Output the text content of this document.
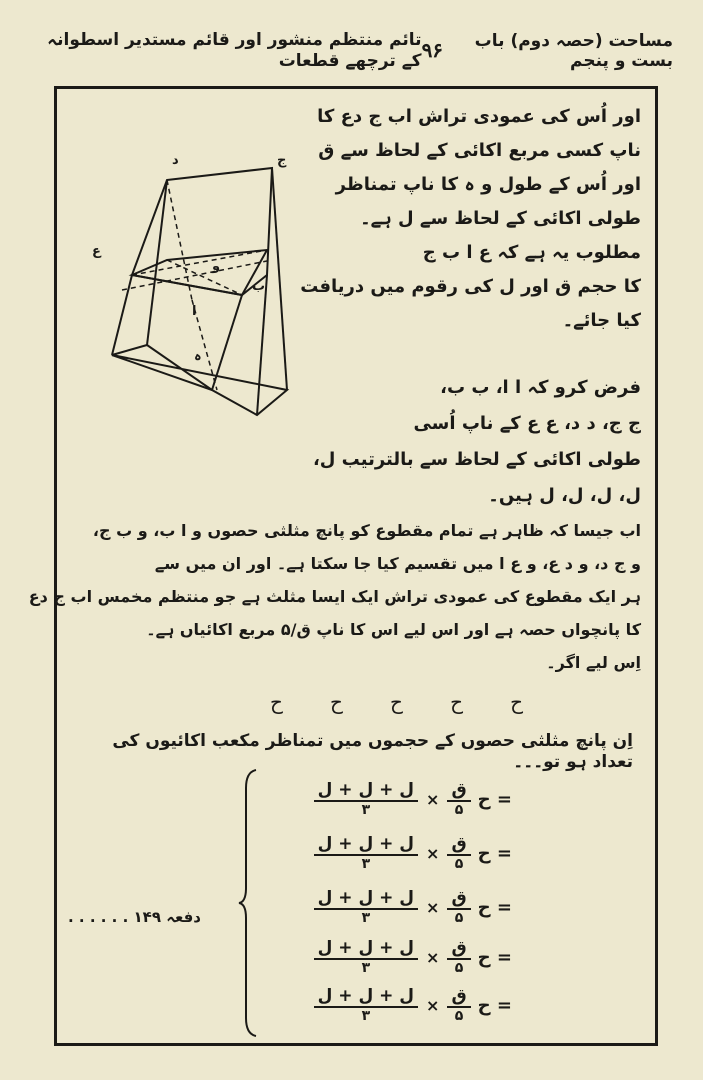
مساحت (حصہ دوم) باب بست و پنجم
۹۶
تائم منتظم منشور اور قائم مستدیر اسطوانہ کے ترچھے قطعات
اور اُس کی عمودی تراش اب ج دع کا
ناپ کسی مربع اکائی کے لحاظ سے ق
اور اُس کے طول و ہ کا ناپ تمناظر
طولی اکائی کے لحاظ سے ل ہے۔
مطلوب یہ ہے کہ ع ا ب ج
کا حجم ق اور ل کی رقوم میں دریافت
کیا جائے۔
د	ج
ب
ا
ع
و
ہ
فرض کرو کہ ا ا، ب ب،
ج ج، د د، ع ع کے ناپ اُسی
طولی اکائی کے لحاظ سے بالترتیب ل،
ل، ل، ل، ل ہیں۔
اب جیسا کہ ظاہر ہے تمام مقطوع کو پانچ مثلثی حصوں و ا ب، و ب ج،
و ج د، و د ع، و ع ا میں تقسیم کیا جا سکتا ہے۔ اور ان میں سے
ہر ایک مقطوع کی عمودی تراش ایک ایسا مثلث ہے جو منتظم مخمس اب ج دع
کا پانچواں حصہ ہے اور اس لیے اس کا ناپ ق/۵ مربع اکائیاں ہے۔
اِس لیے اگر۔
ح
ح
ح
ح
ح
اِن پانچ مثلثی حصوں کے حجموں میں تمناظر مکعب اکائیوں کی تعداد ہو تو۔۔۔
$\frac{\text{ل + ل + ل}}{۳} \times \frac{\text{ق}}{۵}$ ح =
$\frac{\text{ل + ل + ل}}{۳} \times \frac{\text{ق}}{۵}$ ح =
$\frac{\text{ل + ل + ل}}{۳} \times \frac{\text{ق}}{۵}$ ح =
$\frac{\text{ل + ل + ل}}{۳} \times \frac{\text{ق}}{۵}$ ح =
$\frac{\text{ل + ل + ل}}{۳} \times \frac{\text{ق}}{۵}$ ح =
دفعہ ۱۴۹ . . . . . .
